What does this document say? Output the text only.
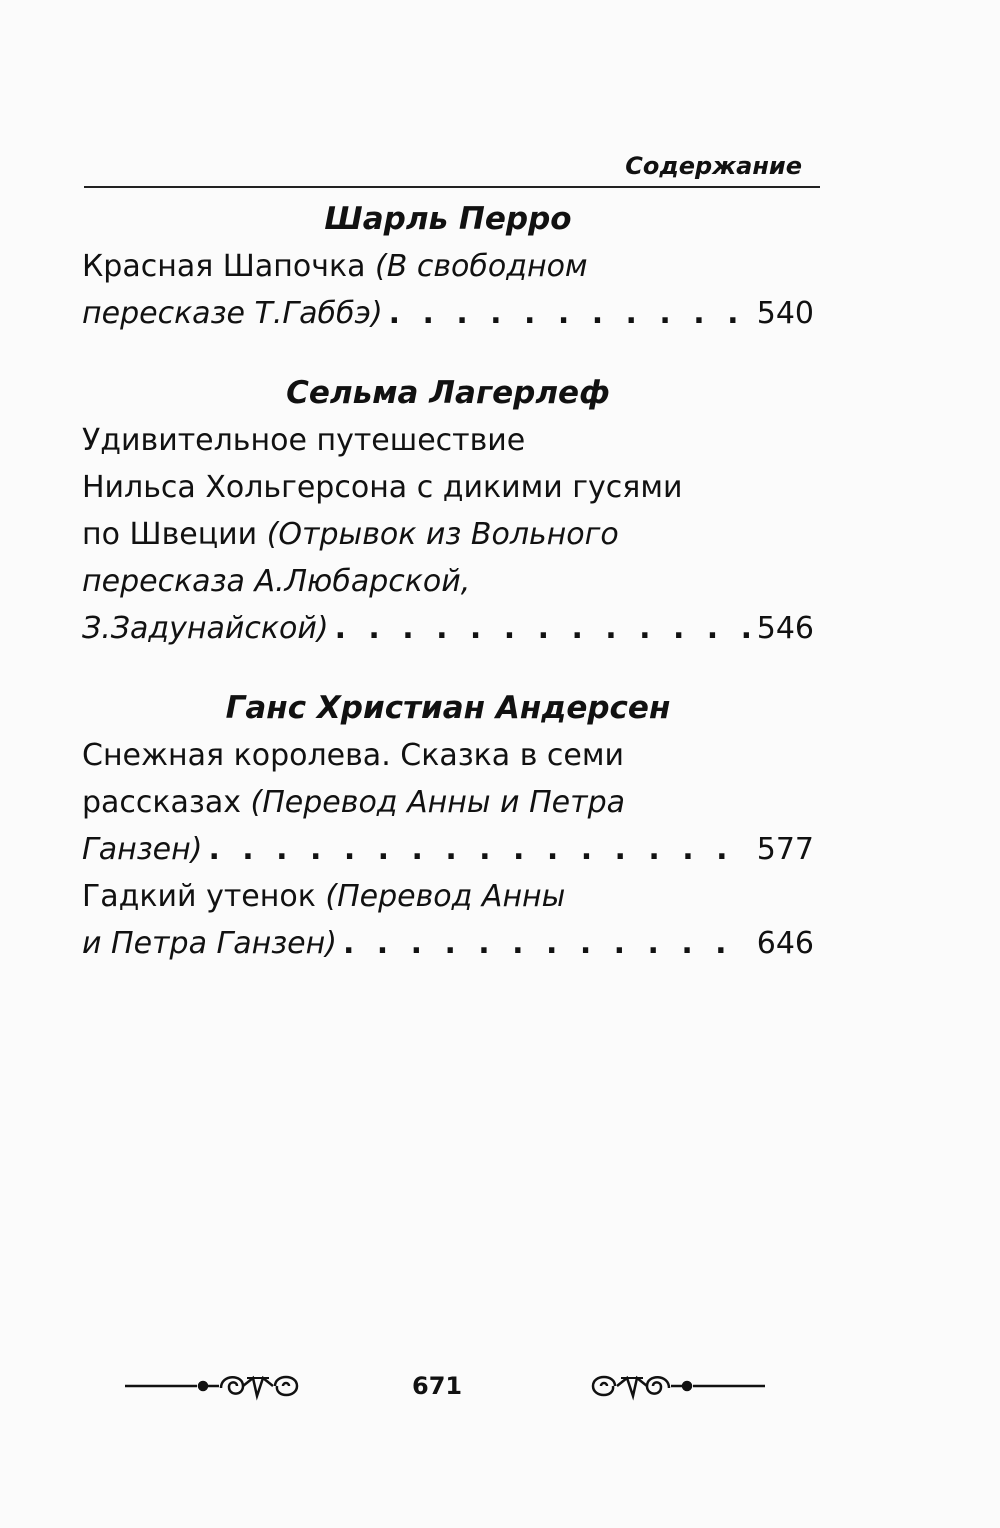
Содержание
Шарль Перро
Красная Шапочка (В свободном
пересказе Т.Габбэ) . . .	540
Сельма Лагерлеф
Удивительное путешествие
Нильса Хольгерсона с дикими гусями
по Швеции (Отрывок из Вольного
пересказа А.Любарской,
З.Задунайской) . . .	546
Ганс Христиан Андерсен
Снежная королева. Сказка в семи
рассказах (Перевод Анны и Петра
Ганзен) . . .	577
Гадкий утенок (Перевод Анны
и Петра Ганзен) . . .	646
671
